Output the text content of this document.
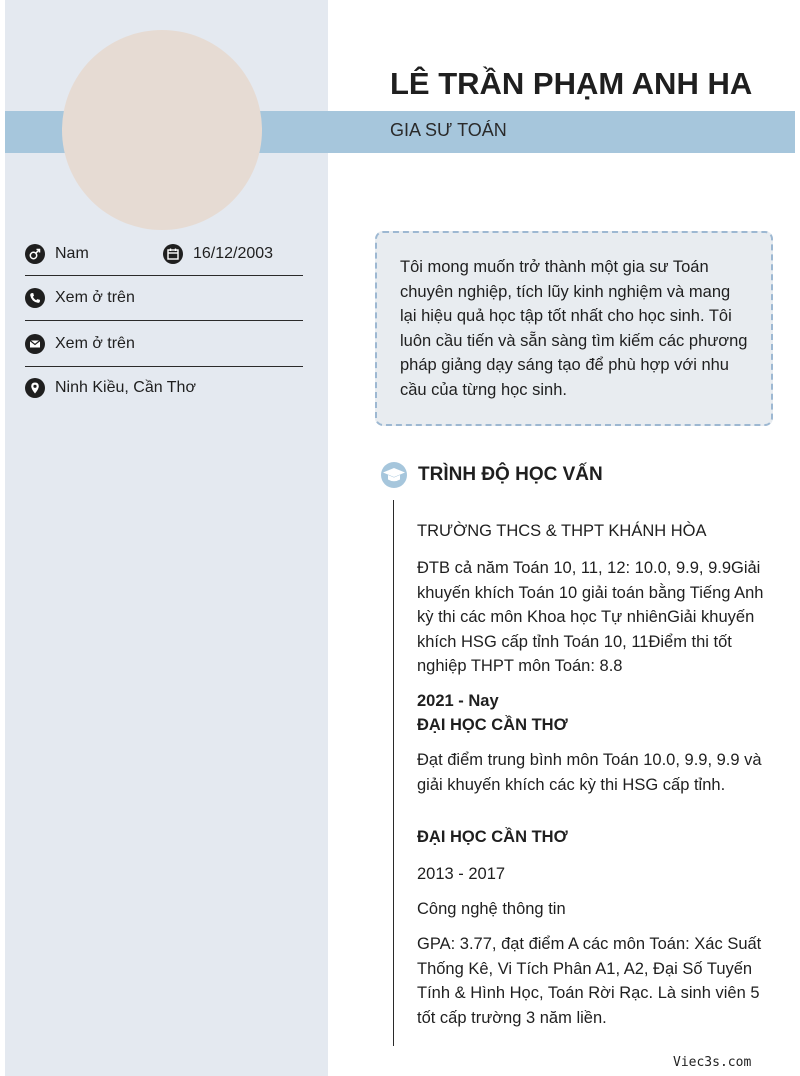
LÊ TRẦN PHẠM ANH HA
GIA SƯ TOÁN
Nam	16/12/2003
Xem ở trên
Xem ở trên
Ninh Kiều, Cần Thơ
Tôi mong muốn trở thành một gia sư Toán chuyên nghiệp, tích lũy kinh nghiệm và mang lại hiệu quả học tập tốt nhất cho học sinh. Tôi luôn cầu tiến và sẵn sàng tìm kiếm các phương pháp giảng dạy sáng tạo để phù hợp với nhu cầu của từng học sinh.
TRÌNH ĐỘ HỌC VẤN
TRƯỜNG THCS & THPT KHÁNH HÒA
ĐTB cả năm Toán 10, 11, 12: 10.0, 9.9, 9.9Giải khuyến khích Toán 10 giải toán bằng Tiếng Anh kỳ thi các môn Khoa học Tự nhiênGiải khuyến khích HSG cấp tỉnh Toán 10, 11Điểm thi tốt nghiệp THPT môn Toán: 8.8
2021 - Nay
ĐẠI HỌC CẦN THƠ
Đạt điểm trung bình môn Toán 10.0, 9.9, 9.9 và giải khuyến khích các kỳ thi HSG cấp tỉnh.
ĐẠI HỌC CẦN THƠ
2013 - 2017
Công nghệ thông tin
GPA: 3.77, đạt điểm A các môn Toán: Xác Suất Thống Kê, Vi Tích Phân A1, A2, Đại Số Tuyến Tính & Hình Học, Toán Rời Rạc. Là sinh viên 5 tốt cấp trường 3 năm liền.
Viec3s.com
